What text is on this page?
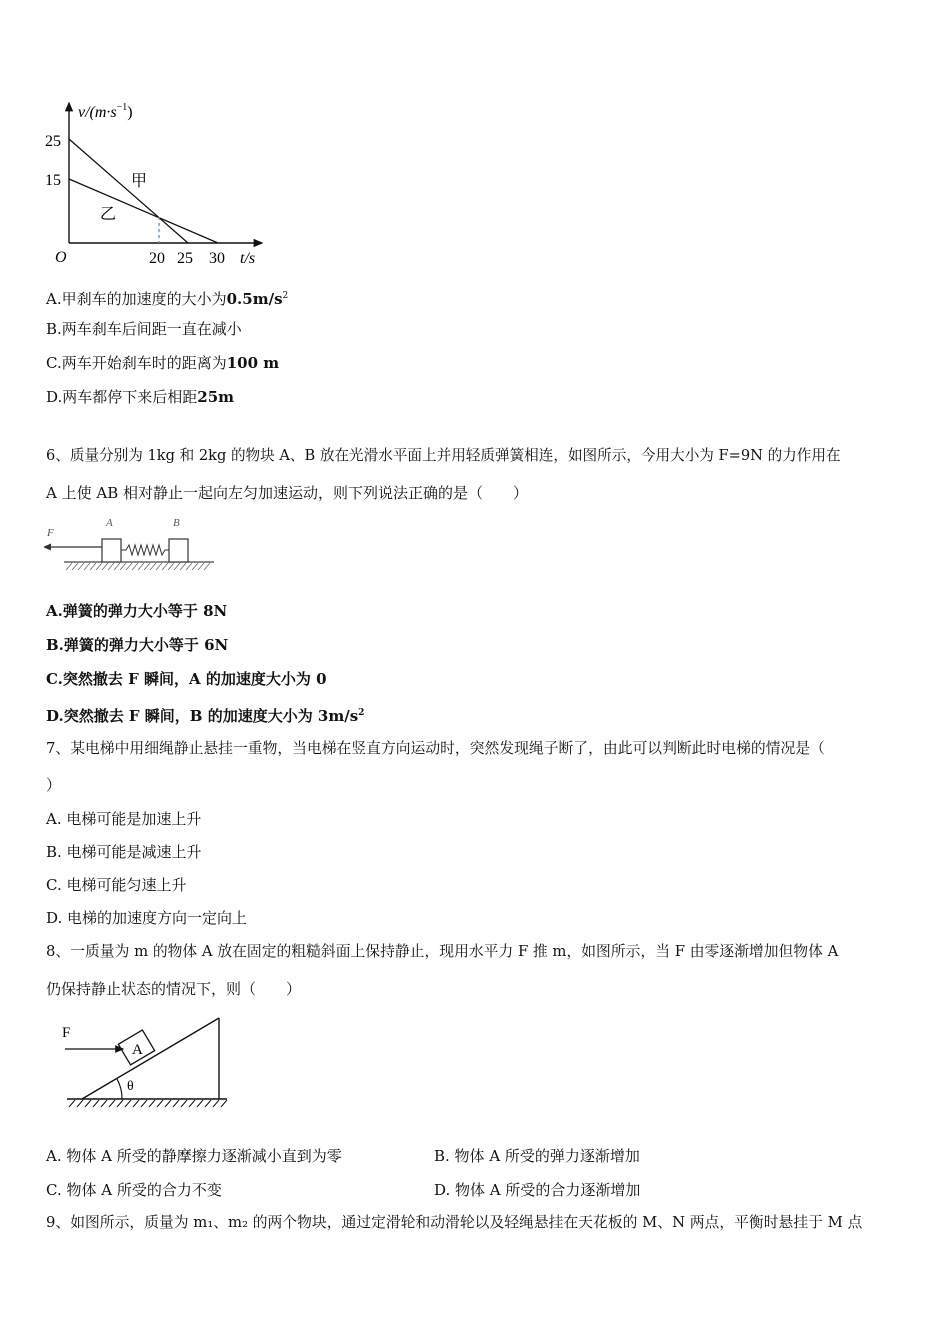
$v/(m\cdot s^{-1})$
25
15
O	20 25 30 t/s
甲
乙
A.甲刹车的加速度的大小为$0.5m/s^2$
B.两车刹车后间距一直在减小
C.两车开始刹车时的距离为100 m
D.两车都停下来后相距25m
6、质量分别为 1kg 和 2kg 的物块 A、B 放在光滑水平面上并用轻质弹簧相连，如图所示，今用大小为 F=9N 的力作用在
A 上使 AB 相对静止一起向左匀加速运动，则下列说法正确的是（　　）
F
A	B
A.弹簧的弹力大小等于 8N
B.弹簧的弹力大小等于 6N
C.突然撤去 F 瞬间，A 的加速度大小为 0
D.突然撤去 F 瞬间，B 的加速度大小为 $3m/s^2$
7、某电梯中用细绳静止悬挂一重物，当电梯在竖直方向运动时，突然发现绳子断了，由此可以判断此时电梯的情况是（
）
A. 电梯可能是加速上升
B. 电梯可能是减速上升
C. 电梯可能匀速上升
D. 电梯的加速度方向一定向上
8、一质量为 m 的物体 A 放在固定的粗糙斜面上保持静止，现用水平力 F 推 m，如图所示，当 F 由零逐渐增加但物体 A
仍保持静止状态的情况下，则（　　）
θ
A
F
A. 物体 A 所受的静摩擦力逐渐减小直到为零	B. 物体 A 所受的弹力逐渐增加
C. 物体 A 所受的合力不变	D. 物体 A 所受的合力逐渐增加
9、如图所示，质量为 m₁、m₂ 的两个物块，通过定滑轮和动滑轮以及轻绳悬挂在天花板的 M、N 两点，平衡时悬挂于 M 点
